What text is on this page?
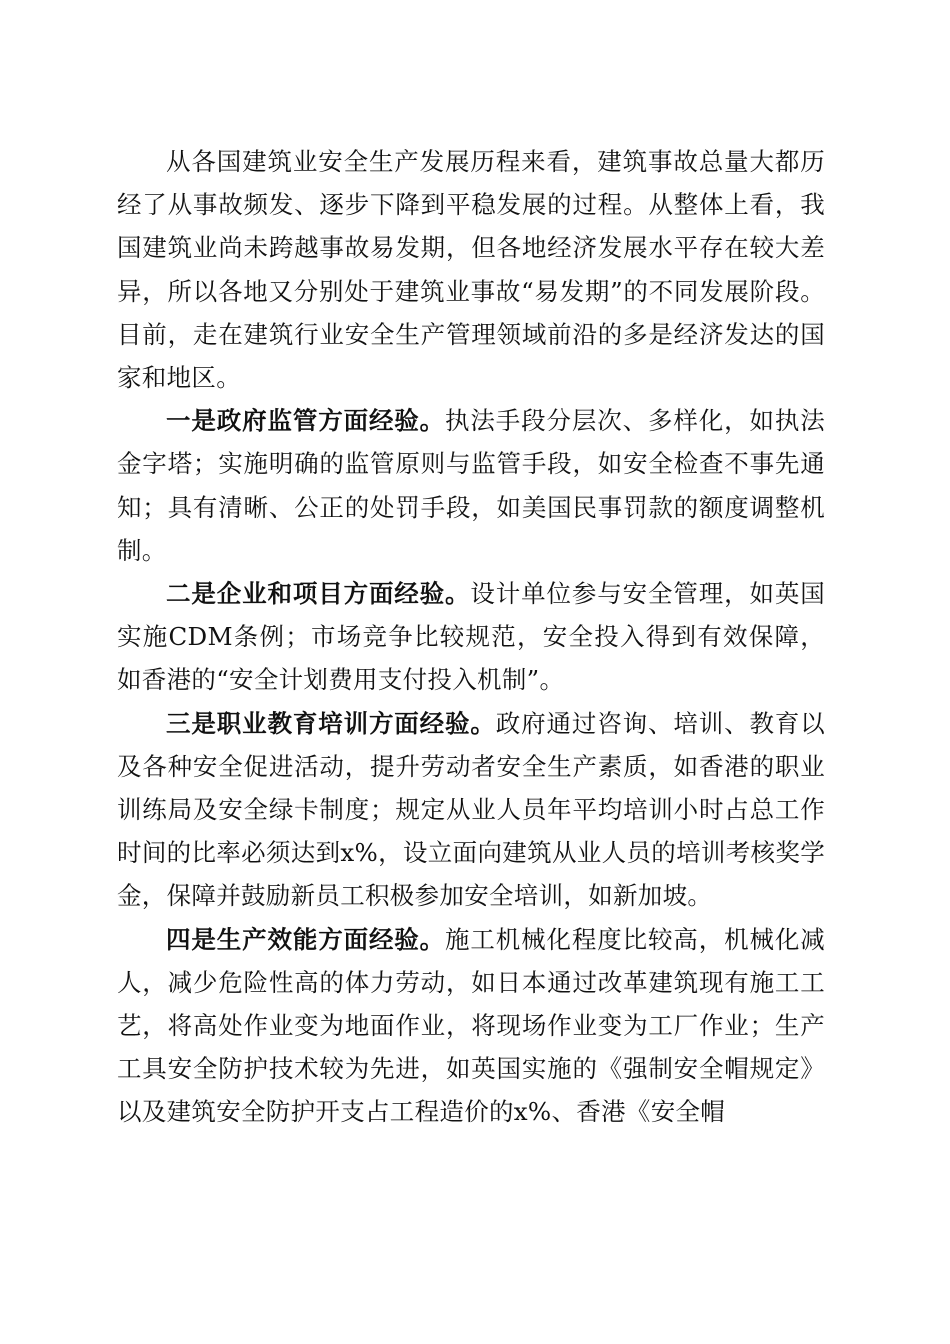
从各国建筑业安全生产发展历程来看，建筑事故总量大都历经了从事故频发、逐步下降到平稳发展的过程。从整体上看，我国建筑业尚未跨越事故易发期，但各地经济发展水平存在较大差异，所以各地又分别处于建筑业事故“易发期”的不同发展阶段。目前，走在建筑行业安全生产管理领域前沿的多是经济发达的国家和地区。

一是政府监管方面经验。执法手段分层次、多样化，如执法金字塔；实施明确的监管原则与监管手段，如安全检查不事先通知；具有清晰、公正的处罚手段，如美国民事罚款的额度调整机制。

二是企业和项目方面经验。设计单位参与安全管理，如英国实施CDM条例；市场竞争比较规范，安全投入得到有效保障，如香港的“安全计划费用支付投入机制”。

三是职业教育培训方面经验。政府通过咨询、培训、教育以及各种安全促进活动，提升劳动者安全生产素质，如香港的职业训练局及安全绿卡制度；规定从业人员年平均培训小时占总工作时间的比率必须达到x%，设立面向建筑从业人员的培训考核奖学金，保障并鼓励新员工积极参加安全培训，如新加坡。

四是生产效能方面经验。施工机械化程度比较高，机械化减人，减少危险性高的体力劳动，如日本通过改革建筑现有施工工艺，将高处作业变为地面作业，将现场作业变为工厂作业；生产工具安全防护技术较为先进，如英国实施的《强制安全帽规定》以及建筑安全防护开支占工程造价的x%、香港《安全帽
